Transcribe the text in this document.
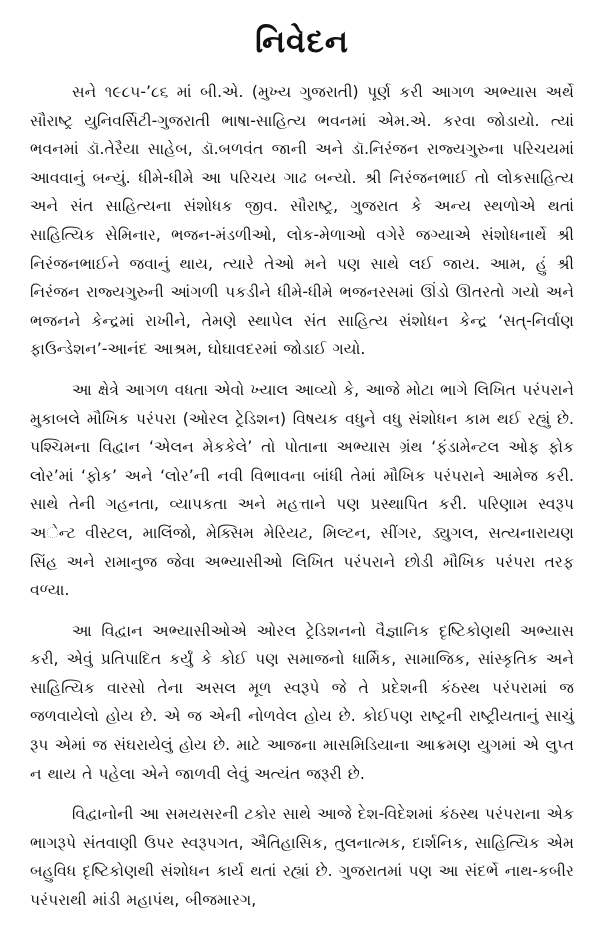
નિવેદન

સને ૧૯૮૫-’૮૬ માં બી.એ. (મુખ્ય ગુજરાતી) પૂર્ણ કરી આગળ અભ્યાસ અર્થે સૌરાષ્ટ્ર યુનિવર્સિટી-ગુજરાતી ભાષા-સાહિત્ય ભવનમાં એમ.એ. કરવા જોડાયો. ત્યાં ભવનમાં ડૉ.તેરૈયા સાહેબ, ડૉ.બળવંત જાની અને ડૉ.નિરંજન રાજ્યગુરુના પરિચયમાં આવવાનું બન્યું. ધીમે-ધીમે આ પરિચય ગાઢ બન્યો. શ્રી નિરંજનભાઈ તો લોકસાહિત્ય અને સંત સાહિત્યના સંશોધક જીવ. સૌરાષ્ટ્ર, ગુજરાત કે અન્ય સ્થળોએ થતાં સાહિત્યિક સેમિનાર, ભજન-મંડળીઓ, લોક-મેળાઓ વગેરે જગ્યાએ સંશોધનાર્થે શ્રી નિરંજનભાઈને જવાનું થાય, ત્યારે તેઓ મને પણ સાથે લઈ જાય. આમ, હું શ્રી નિરંજન રાજ્યગુરુની આંગળી પકડીને ધીમે-ધીમે ભજનરસમાં ઊંડો ઊતરતો ગયો અને ભજનને કેન્દ્રમાં રાખીને, તેમણે સ્થાપેલ સંત સાહિત્ય સંશોધન કેન્દ્ર ‘સત્-નિર્વાણ ફાઉન્ડેશન’-આનંદ આશ્રમ, ઘોઘાવદરમાં જોડાઈ ગયો.

આ ક્ષેત્રે આગળ વધતા એવો ખ્યાલ આવ્યો કે, આજે મોટા ભાગે લિખિત પરંપરાને મુકાબલે મૌખિક પરંપરા (ઓરલ ટ્રેડિશન) વિષયક વધુને વધુ સંશોધન કામ થઈ રહ્યું છે. પશ્ચિમના વિદ્વાન ‘એલન મેકકેલે’ તો પોતાના અભ્યાસ ગ્રંથ ‘ફંડામેન્ટલ ઓફ ફોક લોર’માં ‘ફોક’ અને ‘લોર’ની નવી વિભાવના બાંધી તેમાં મૌખિક પરંપરાને આમેજ કરી. સાથે તેની ગહનતા, વ્યાપકતા અને મહત્તાને પણ પ્રસ્થાપિત કરી. પરિણામ સ્વરૂપ અેન્ટ વીસ્ટલ, માલિંજો, મેક્સિમ મેરિયટ, મિલ્ટન, સીંગર, ડ્યુગલ, સત્યનારાયણ સિંહ અને રામાનુજ જેવા અભ્યાસીઓ લિખિત પરંપરાને છોડી મૌખિક પરંપરા તરફ વળ્યા.

આ વિદ્વાન અભ્યાસીઓએ ઓરલ ટ્રેડિશનનો વૈજ્ઞાનિક દૃષ્ટિકોણથી અભ્યાસ કરી, એવું પ્રતિપાદિત કર્યું કે કોઈ પણ સમાજનો ધાર્મિક, સામાજિક, સાંસ્કૃતિક અને સાહિત્યિક વારસો તેના અસલ મૂળ સ્વરૂપે જે તે પ્રદેશની કંઠસ્થ પરંપરામાં જ જળવાયેલો હોય છે. એ જ એની નોળવેલ હોય છે. કોઈપણ રાષ્ટ્રની રાષ્ટ્રીયતાનું સાચું રૂપ એમાં જ સંઘરાયેલું હોય છે. માટે આજના માસમિડિયાના આક્રમણ યુગમાં એ લુપ્ત ન થાય તે પહેલા એને જાળવી લેવું અત્યંત જરૂરી છે.

વિદ્વાનોની આ સમયસરની ટકોર સાથે આજે દેશ-વિદેશમાં કંઠસ્થ પરંપરાના એક ભાગરૂપે સંતવાણી ઉપર સ્વરૂપગત, ઐતિહાસિક, તુલનાત્મક, દાર્શનિક, સાહિત્યિક એમ બહુવિધ દૃષ્ટિકોણથી સંશોધન કાર્ય થતાં રહ્યાં છે. ગુજરાતમાં પણ આ સંદર્ભે નાથ-કબીર પરંપરાથી માંડી મહાપંથ, બીજમારગ,
